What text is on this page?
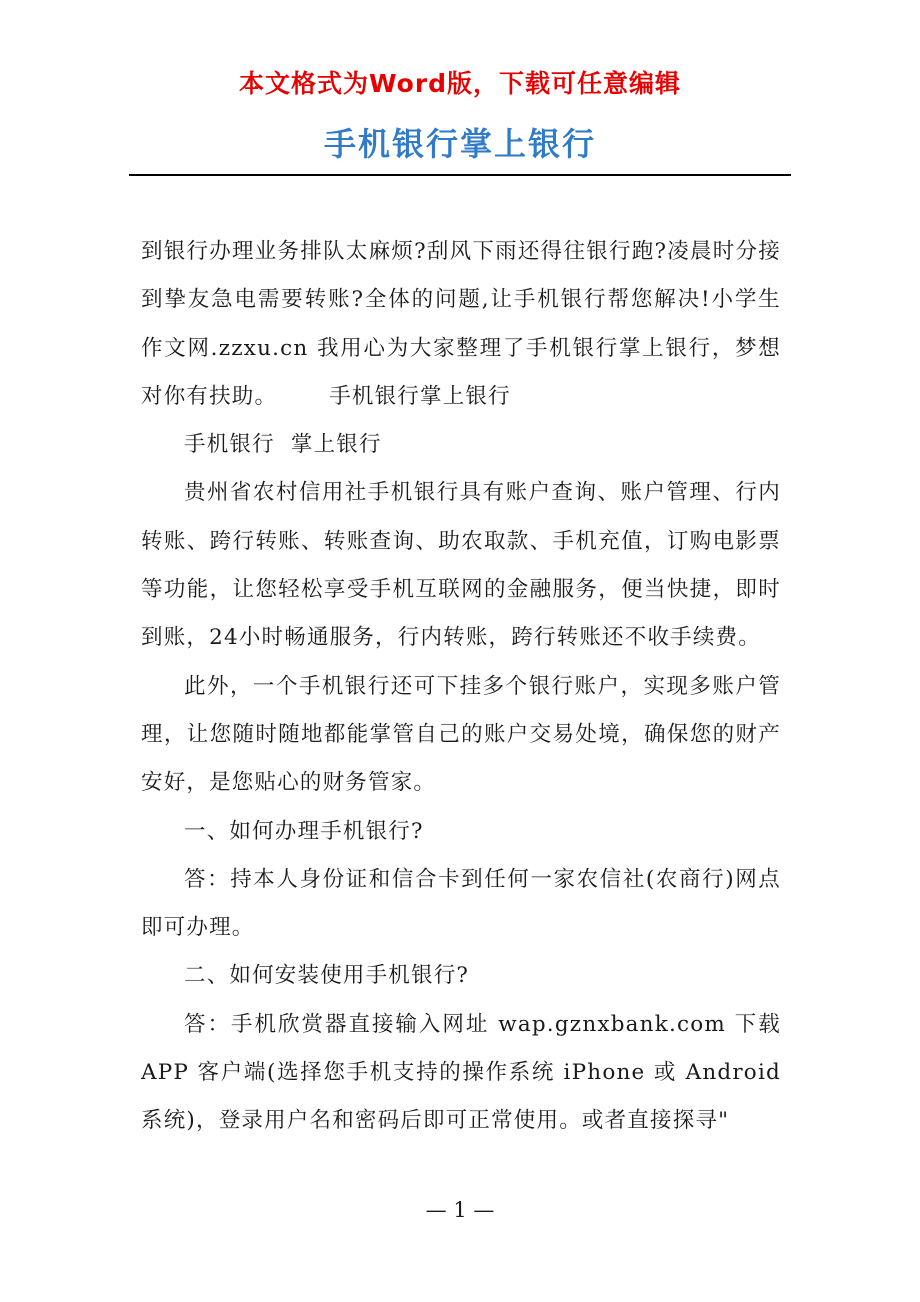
本文格式为Word版，下载可任意编辑
手机银行掌上银行

到银行办理业务排队太麻烦?刮风下雨还得往银行跑?凌晨时分接到挚友急电需要转账?全体的问题,让手机银行帮您解决!小学生作文网.zzxu.cn 我用心为大家整理了手机银行掌上银行，梦想对你有扶助。 手机银行掌上银行

手机银行  掌上银行

贵州省农村信用社手机银行具有账户查询、账户管理、行内转账、跨行转账、转账查询、助农取款、手机充值，订购电影票等功能，让您轻松享受手机互联网的金融服务，便当快捷，即时到账，24小时畅通服务，行内转账，跨行转账还不收手续费。

此外，一个手机银行还可下挂多个银行账户，实现多账户管理，让您随时随地都能掌管自己的账户交易处境，确保您的财产安好，是您贴心的财务管家。

一、如何办理手机银行?

答：持本人身份证和信合卡到任何一家农信社(农商行)网点即可办理。

二、如何安装使用手机银行?

答：手机欣赏器直接输入网址 wap.gznxbank.com 下载 APP 客户端(选择您手机支持的操作系统 iPhone 或 Android 系统)，登录用户名和密码后即可正常使用。或者直接探寻"

— 1 —
